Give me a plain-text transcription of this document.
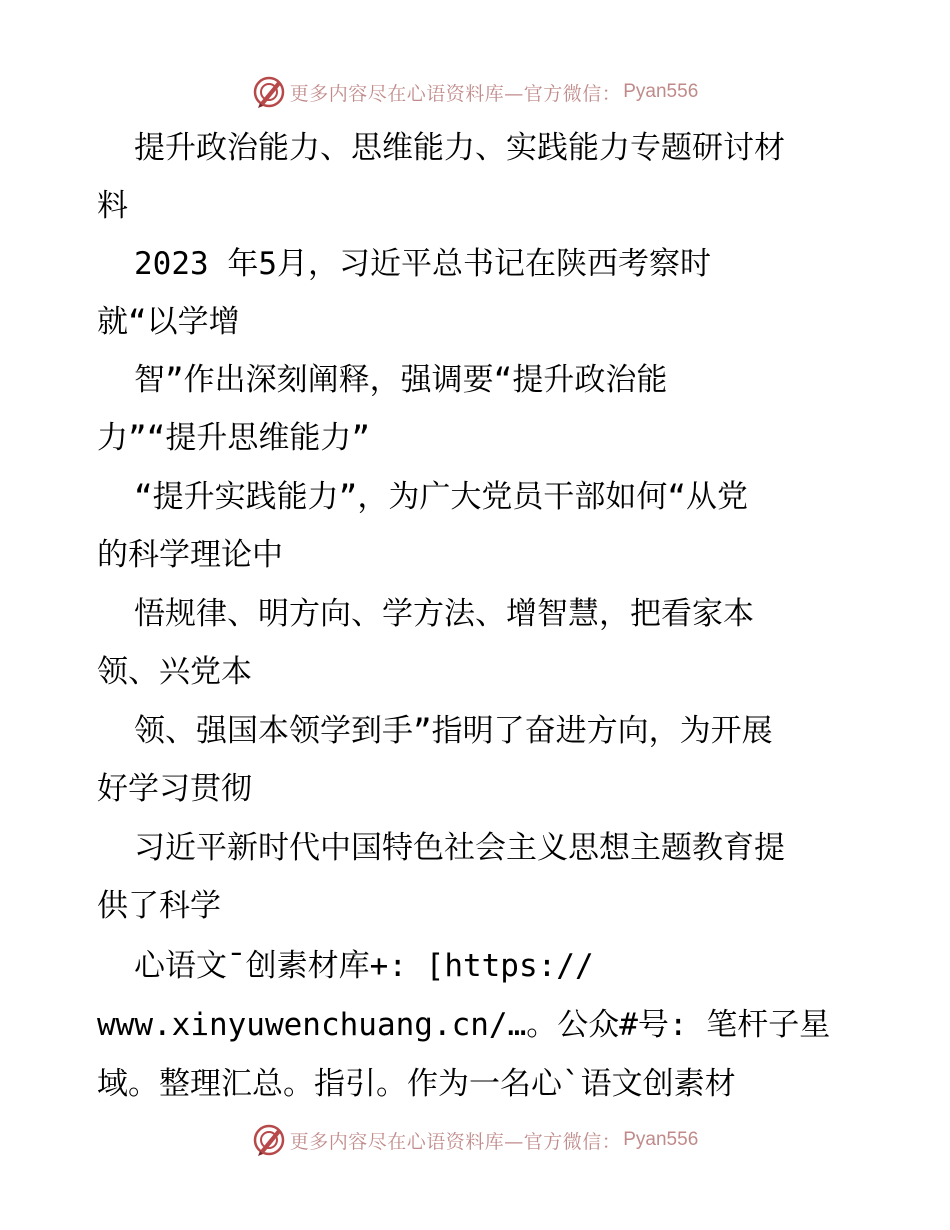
更多内容尽在心语资料库—官方微信： Pyan556
提升政治能力、思维能力、实践能力专题研讨材
料
2023 年5月，习近平总书记在陕西考察时
就“以学增
智”作出深刻阐释，强调要“提升政治能
力”“提升思维能力”
“提升实践能力”，为广大党员干部如何“从党
的科学理论中
悟规律、明方向、学方法、增智慧，把看家本
领、兴党本
领、强国本领学到手”指明了奋进方向，为开展
好学习贯彻
习近平新时代中国特色社会主义思想主题教育提
供了科学
心语文¯创素材库+: [https://
www.xinyuwenchuang.cn/…。公众#号: 笔杆子星
域。整理汇总。指引。作为一名心`语文创素材
更多内容尽在心语资料库—官方微信： Pyan556
